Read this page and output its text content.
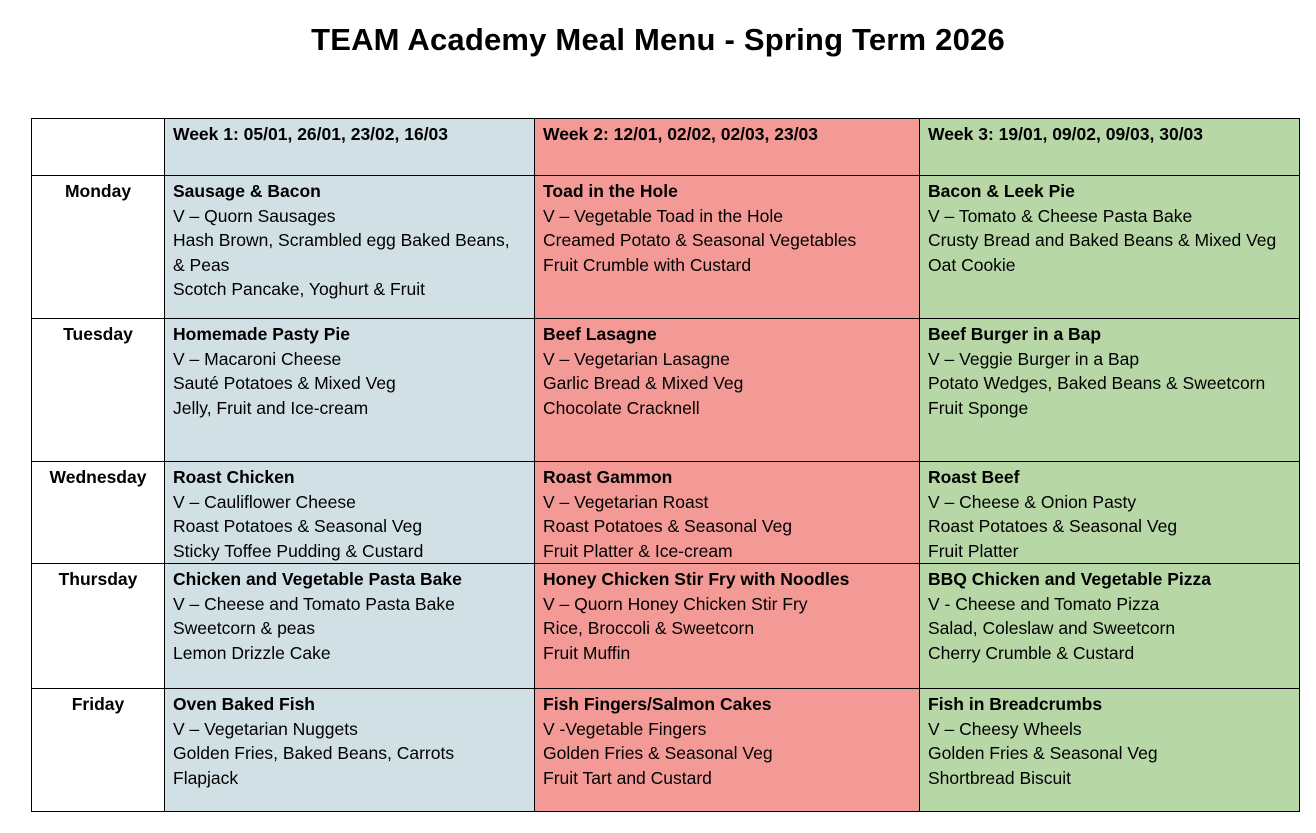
TEAM Academy Meal Menu - Spring Term 2026
	Week 1: 05/01, 26/01, 23/02, 16/03	Week 2: 12/01, 02/02, 02/03, 23/03	Week 3: 19/01, 09/02, 09/03, 30/03
Monday	Sausage & Bacon
V – Quorn Sausages
Hash Brown, Scrambled egg Baked Beans, & Peas
Scotch Pancake, Yoghurt & Fruit	Toad in the Hole
V – Vegetable Toad in the Hole
Creamed Potato & Seasonal Vegetables
Fruit Crumble with Custard	Bacon & Leek Pie
V – Tomato & Cheese Pasta Bake
Crusty Bread and Baked Beans & Mixed Veg
Oat Cookie

Tuesday	Homemade Pasty Pie
V – Macaroni Cheese
Sauté Potatoes & Mixed Veg
Jelly, Fruit and Ice-cream	Beef Lasagne
V – Vegetarian Lasagne
Garlic Bread & Mixed Veg
Chocolate Cracknell	Beef Burger in a Bap
V – Veggie Burger in a Bap
Potato Wedges, Baked Beans & Sweetcorn
Fruit Sponge

Wednesday	Roast Chicken
V – Cauliflower Cheese
Roast Potatoes & Seasonal Veg
Sticky Toffee Pudding & Custard	Roast Gammon
V – Vegetarian Roast
Roast Potatoes & Seasonal Veg
Fruit Platter & Ice-cream	Roast Beef
V – Cheese & Onion Pasty
Roast Potatoes & Seasonal Veg
Fruit Platter

Thursday	Chicken and Vegetable Pasta Bake
V – Cheese and Tomato Pasta Bake
Sweetcorn & peas
Lemon Drizzle Cake	Honey Chicken Stir Fry with Noodles
V – Quorn Honey Chicken Stir Fry
Rice, Broccoli & Sweetcorn
Fruit Muffin	BBQ Chicken and Vegetable Pizza
V - Cheese and Tomato Pizza
Salad, Coleslaw and Sweetcorn
Cherry Crumble & Custard

Friday	Oven Baked Fish
V – Vegetarian Nuggets
Golden Fries, Baked Beans, Carrots
Flapjack	Fish Fingers/Salmon Cakes
V -Vegetable Fingers
Golden Fries & Seasonal Veg
Fruit Tart and Custard	Fish in Breadcrumbs
V – Cheesy Wheels
Golden Fries & Seasonal Veg
Shortbread Biscuit
